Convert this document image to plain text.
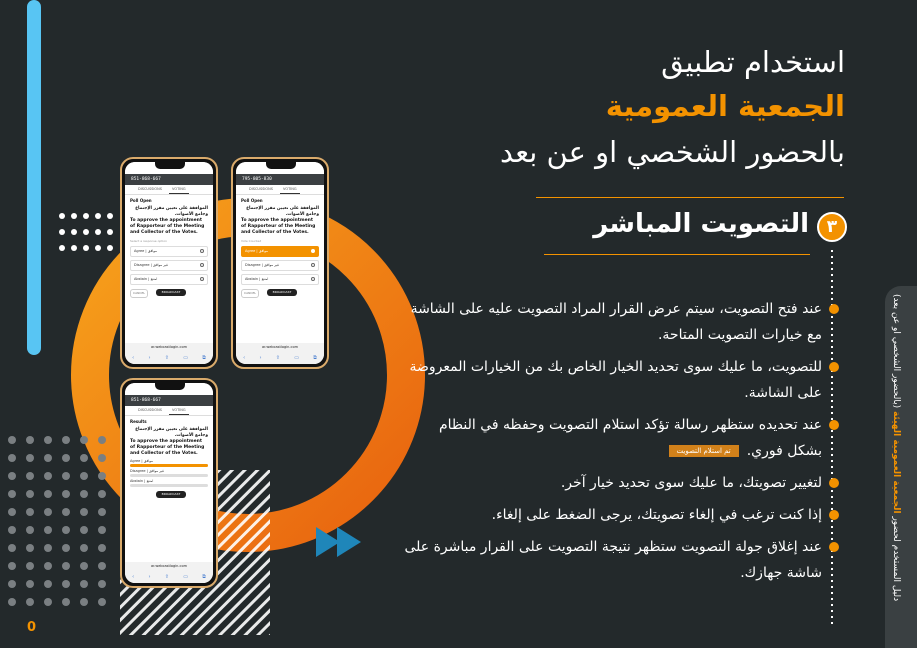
استخدام تطبيق
الجمعية العمومية
بالحضور الشخصي او عن بعد
٣
التصويت المباشر
عند فتح التصويت، سيتم عرض القرار المراد التصويت عليه على الشاشة مع خيارات التصويت المتاحة.
للتصويت، ما عليك سوى تحديد الخيار الخاص بك من الخيارات المعروضة على الشاشة.
عند تحديده ستظهر رسالة تؤكد استلام التصويت وحفظه في النظام بشكل فوري.تم استلام التصويت
لتغيير تصويتك، ما عليك سوى تحديد خيار آخر.
إذا كنت ترغب في إلغاء تصويتك، يرجى الضغط على إلغاء.
عند إغلاق جولة التصويت ستظهر نتيجة التصويت على القرار مباشرة على شاشة جهازك.	دليل المستخدم لحضور الجمعية العمومية الهيئة (بالحضور الشخصي او عن بعد)
0
851-868-667
DISCUSSIONS	VOTING
Poll Open
الموافقة على تعيين مقرر الإجتماع وجامع الأصوات.
To approve the appointment of Rapporteur of the Meeting and Collector of the Votes.
Select a response option
Agree | موافق
Disagree | غير موافق
Abstain | امتنع
CANCEL	BROADCAST
ar.webcastlogin.com
‹	›	⇪	▭	⧉
795-805-830
DISCUSSIONS	VOTING
Poll Open
الموافقة على تعيين مقرر الإجتماع وجامع الأصوات.
To approve the appointment of Rapporteur of the Meeting and Collector of the Votes.
Vote Counted
Agree | موافق
Disagree | غير موافق
Abstain | امتنع
CANCEL	BROADCAST
ar.webcastlogin.com
‹	›	⇪	▭	⧉
851-868-667
DISCUSSIONS	VOTING
Results
الموافقة على تعيين مقرر الإجتماع وجامع الأصوات.
To approve the appointment of Rapporteur of the Meeting and Collector of the Votes.
Agree | موافق
Disagree | غير موافق
Abstain | امتنع
BROADCAST
ar.webcastlogin.com
‹	›	⇪	▭	⧉
